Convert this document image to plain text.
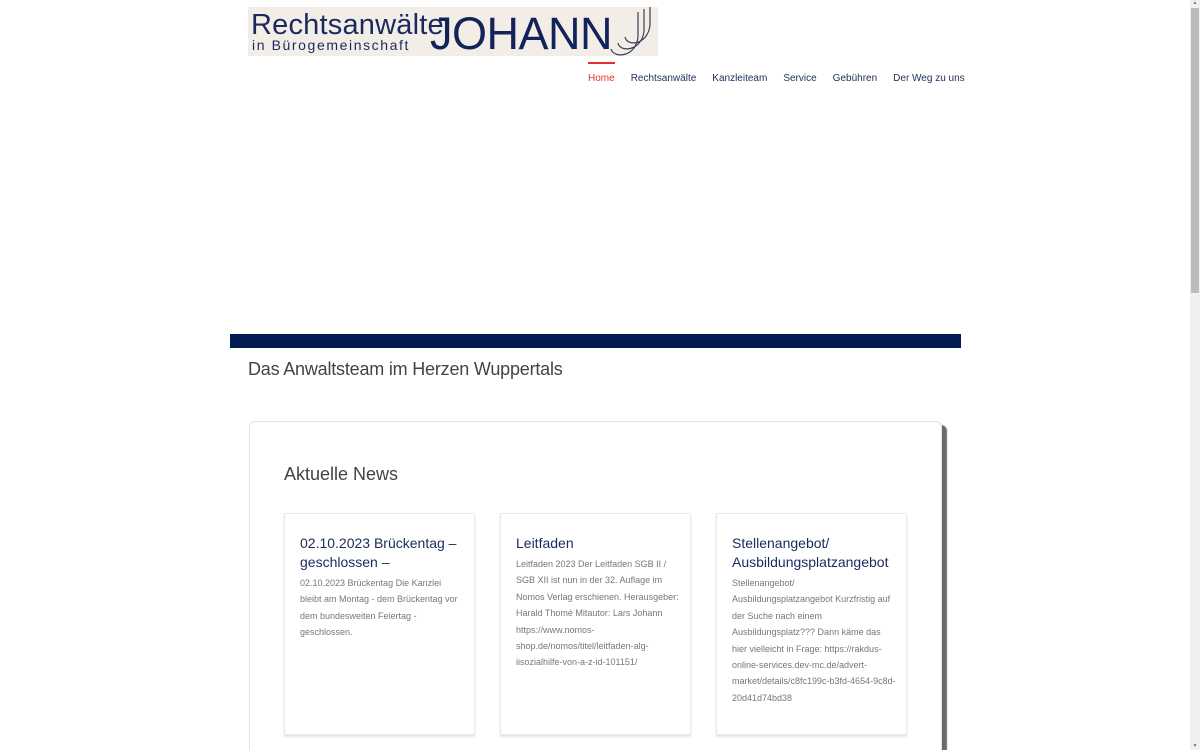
Rechtsanwälte
in Bürogemeinschaft JOHANN
Home Rechtsanwälte Kanzleiteam Service Gebühren Der Weg zu uns
Das Anwaltsteam im Herzen Wuppertals
Aktuelle News
02.10.2023 Brückentag – geschlossen –
02.10.2023 Brückentag Die Kanzlei bleibt am Montag - dem Brückentag vor dem bundesweiten Feiertag - geschlossen.
Leitfaden
Leitfaden 2023 Der Leitfaden SGB II / SGB XII ist nun in der 32. Auflage im Nomos Verlag erschienen. Herausgeber: Harald Thomé Mitautor: Lars Johann https://www.nomos-shop.de/nomos/titel/leitfaden-alg-iisozialhilfe-von-a-z-id-101151/
Stellenangebot/ Ausbildungsplatzangebot
Stellenangebot/ Ausbildungsplatzangebot Kurzfristig auf der Suche nach einem Ausbildungsplatz??? Dann käme das hier vielleicht in Frage: https://rakdus-online-services.dev-mc.de/advert-market/details/c8fc199c-b3fd-4654-9c8d-20d41d74bd38
▲
▼
